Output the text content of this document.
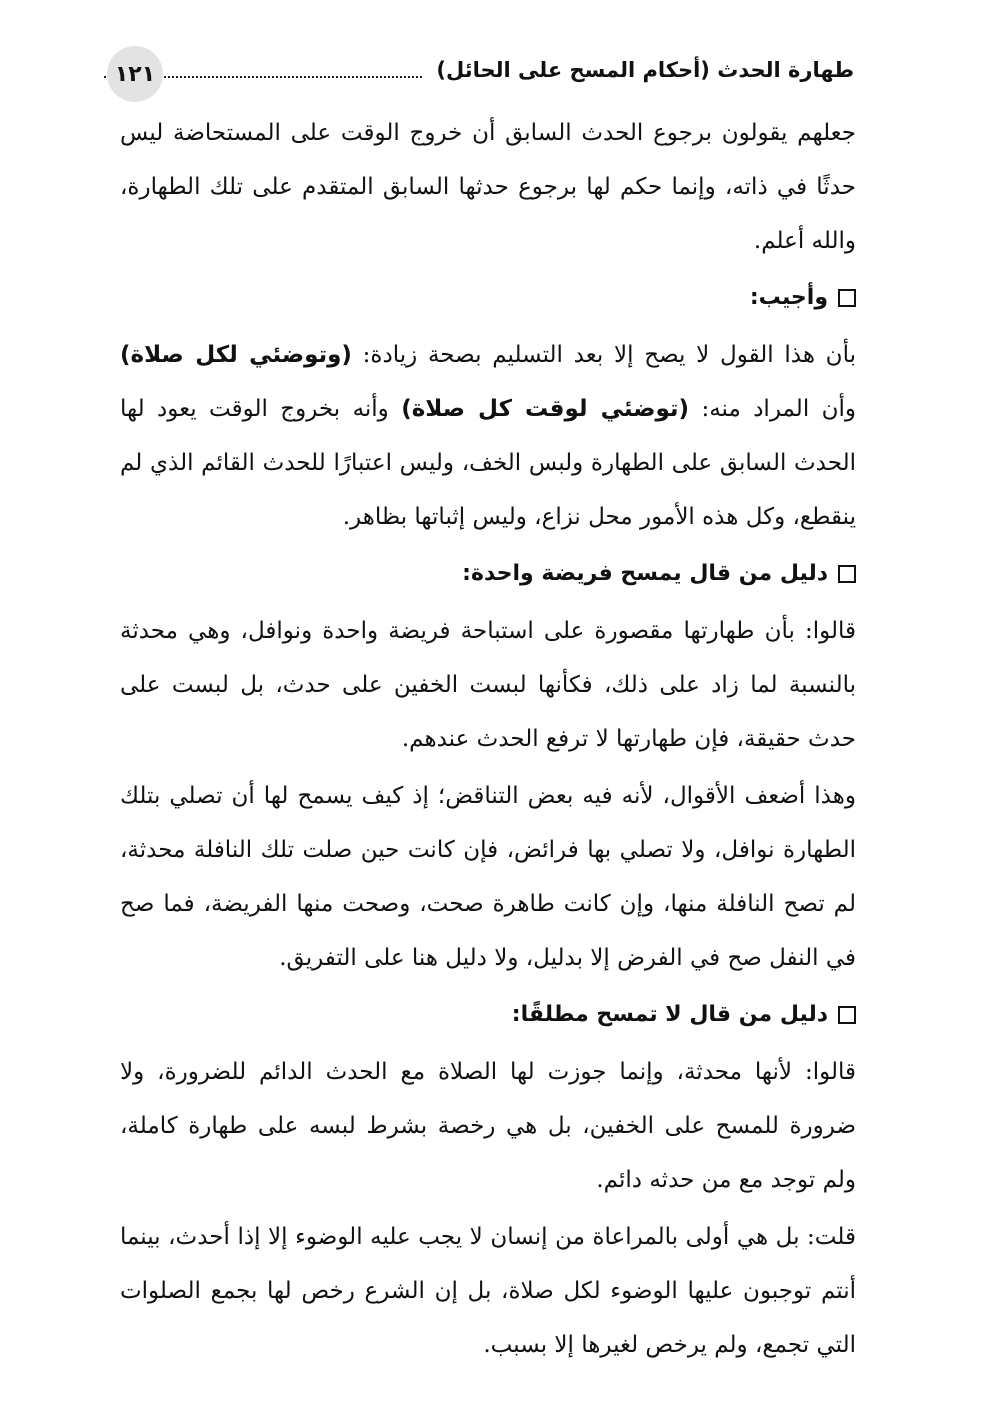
طهارة الحدث (أحكام المسح على الحائل)
١٢١

جعلهم يقولون برجوع الحدث السابق أن خروج الوقت على المستحاضة ليس حدثًا في ذاته، وإنما حكم لها برجوع حدثها السابق المتقدم على تلك الطهارة، والله أعلم.

وأجيب:

بأن هذا القول لا يصح إلا بعد التسليم بصحة زيادة: (وتوضئي لكل صلاة) وأن المراد منه: (توضئي لوقت كل صلاة) وأنه بخروج الوقت يعود لها الحدث السابق على الطهارة ولبس الخف، وليس اعتبارًا للحدث القائم الذي لم ينقطع، وكل هذه الأمور محل نزاع، وليس إثباتها بظاهر.

دليل من قال يمسح فريضة واحدة:

قالوا: بأن طهارتها مقصورة على استباحة فريضة واحدة ونوافل، وهي محدثة بالنسبة لما زاد على ذلك، فكأنها لبست الخفين على حدث، بل لبست على حدث حقيقة، فإن طهارتها لا ترفع الحدث عندهم.

وهذا أضعف الأقوال، لأنه فيه بعض التناقض؛ إذ كيف يسمح لها أن تصلي بتلك الطهارة نوافل، ولا تصلي بها فرائض، فإن كانت حين صلت تلك النافلة محدثة، لم تصح النافلة منها، وإن كانت طاهرة صحت، وصحت منها الفريضة، فما صح في النفل صح في الفرض إلا بدليل، ولا دليل هنا على التفريق.

دليل من قال لا تمسح مطلقًا:

قالوا: لأنها محدثة، وإنما جوزت لها الصلاة مع الحدث الدائم للضرورة، ولا ضرورة للمسح على الخفين، بل هي رخصة بشرط لبسه على طهارة كاملة، ولم توجد مع من حدثه دائم.

قلت: بل هي أولى بالمراعاة من إنسان لا يجب عليه الوضوء إلا إذا أحدث، بينما أنتم توجبون عليها الوضوء لكل صلاة، بل إن الشرع رخص لها بجمع الصلوات التي تجمع، ولم يرخص لغيرها إلا بسبب.
